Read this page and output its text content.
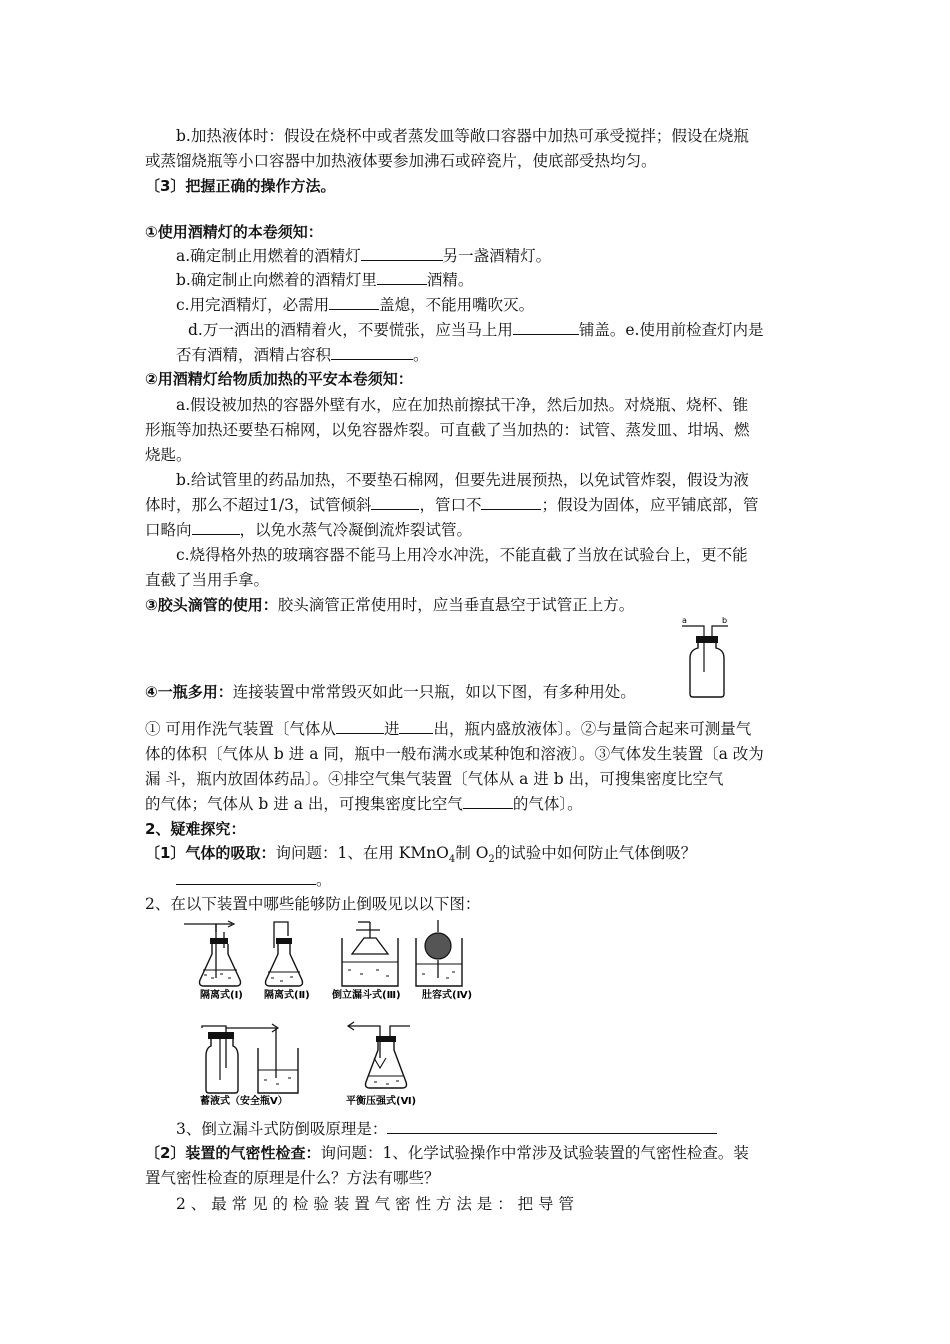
b.加热液体时：假设在烧杯中或者蒸发皿等敞口容器中加热可承受搅拌；假设在烧瓶
或蒸馏烧瓶等小口容器中加热液体要参加沸石或碎瓷片，使底部受热均匀。
〔3〕把握正确的操作方法。
①使用酒精灯的本卷须知：
a.确定制止用燃着的酒精灯	另一盏酒精灯。
b.确定制止向燃着的酒精灯里	酒精。
c.用完酒精灯，必需用	盖熄，不能用嘴吹灭。
d.万一洒出的酒精着火，不要慌张，应当马上用	铺盖。e.使用前检查灯内是
否有酒精，酒精占容积	。
②用酒精灯给物质加热的平安本卷须知：
a.假设被加热的容器外壁有水，应在加热前擦拭干净，然后加热。对烧瓶、烧杯、锥
形瓶等加热还要垫石棉网，以免容器炸裂。可直截了当加热的：试管、蒸发皿、坩埚、燃
烧匙。
b.给试管里的药品加热，不要垫石棉网，但要先进展预热，以免试管炸裂，假设为液
体时，那么不超过1/3，试管倾斜	，管口不	；假设为固体，应平铺底部，管
口略向	，以免水蒸气冷凝倒流炸裂试管。
c.烧得格外热的玻璃容器不能马上用冷水冲洗，不能直截了当放在试验台上，更不能
直截了当用手拿。
③胶头滴管的使用：胶头滴管正常使用时，应当垂直悬空于试管正上方。
a	b
④一瓶多用：连接装置中常常毁灭如此一只瓶，如以下图，有多种用处。
① 可用作洗气装置〔气体从	进 出，瓶内盛放液体〕。②与量筒合起来可测量气
体的体积〔气体从 b 进 a 同，瓶中一般布满水或某种饱和溶液〕。③气体发生装置〔a 改为
漏 斗，瓶内放固体药品〕。④排空气集气装置〔气体从 a 进 b 出，可搜集密度比空气
的气体；气体从 b 进 a 出，可搜集密度比空气	的气体〕。
2、疑难探究：
〔1〕气体的吸取：询问题：1、在用 KMnO$_4$制 $O_2$的试验中如何防止气体倒吸？
。
2、在以下装置中哪些能够防止倒吸见以以下图：
隔离式(Ⅰ) 隔离式(Ⅱ) 倒立漏斗式(Ⅲ) 肚容式(Ⅳ)
蓄液式（安全瓶Ⅴ）	平衡压强式(Ⅵ)
3、倒立漏斗式防倒吸原理是：
〔2〕装置的气密性检查：询问题：1、化学试验操作中常涉及试验装置的气密性检查。装
置气密性检查的原理是什么？方法有哪些？
2 、 最 常 见 的 检 验 装 置 气 密 性 方 法 是 ： 把 导 管
